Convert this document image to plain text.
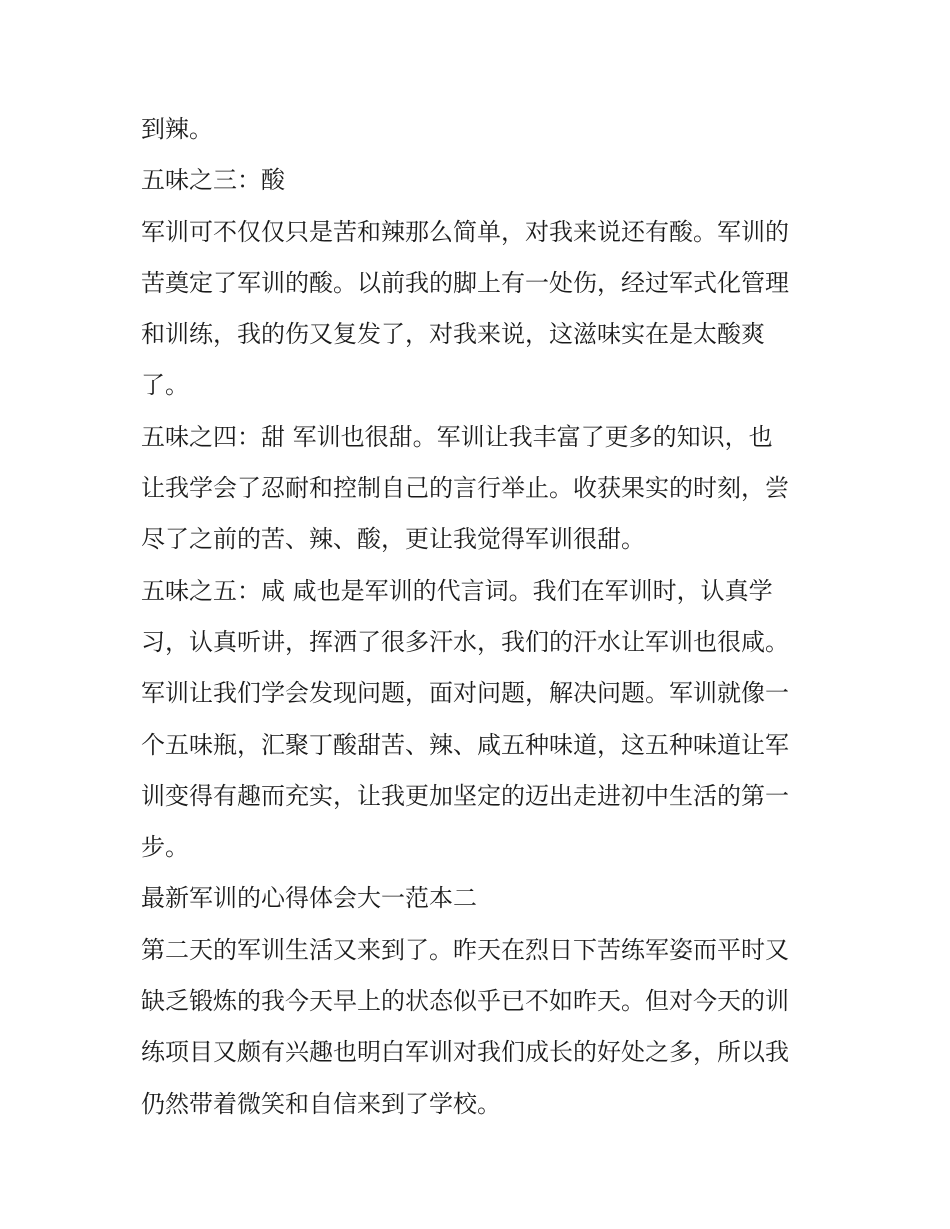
到辣。
五味之三：酸
军训可不仅仅只是苦和辣那么简单，对我来说还有酸。军训的
苦奠定了军训的酸。以前我的脚上有一处伤，经过军式化管理
和训练，我的伤又复发了，对我来说，这滋味实在是太酸爽
了。
五味之四：甜 军训也很甜。军训让我丰富了更多的知识，也
让我学会了忍耐和控制自己的言行举止。收获果实的时刻，尝
尽了之前的苦、辣、酸，更让我觉得军训很甜。
五味之五：咸 咸也是军训的代言词。我们在军训时，认真学
习，认真听讲，挥洒了很多汗水，我们的汗水让军训也很咸。
军训让我们学会发现问题，面对问题，解决问题。军训就像一
个五味瓶，汇聚丁酸甜苦、辣、咸五种味道，这五种味道让军
训变得有趣而充实，让我更加坚定的迈出走进初中生活的第一
步。
最新军训的心得体会大一范本二
第二天的军训生活又来到了。昨天在烈日下苦练军姿而平时又
缺乏锻炼的我今天早上的状态似乎已不如昨天。但对今天的训
练项目又颇有兴趣也明白军训对我们成长的好处之多，所以我
仍然带着微笑和自信来到了学校。
